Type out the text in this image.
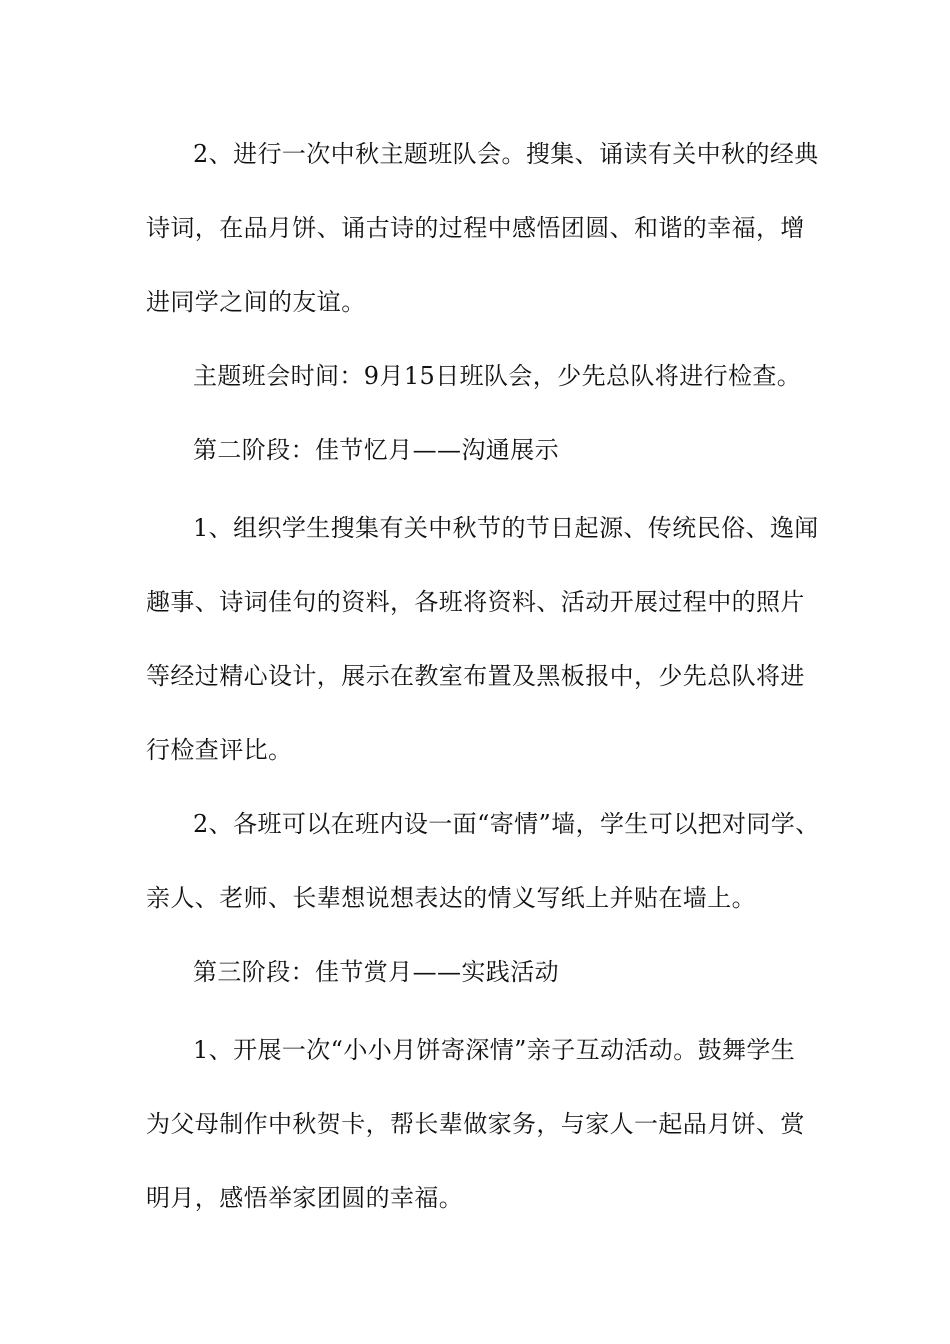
2、进行一次中秋主题班队会。搜集、诵读有关中秋的经典
诗词，在品月饼、诵古诗的过程中感悟团圆、和谐的幸福，增
进同学之间的友谊。
主题班会时间：9月15日班队会，少先总队将进行检查。
第二阶段：佳节忆月——沟通展示
1、组织学生搜集有关中秋节的节日起源、传统民俗、逸闻
趣事、诗词佳句的资料，各班将资料、活动开展过程中的照片
等经过精心设计，展示在教室布置及黑板报中，少先总队将进
行检查评比。
2、各班可以在班内设一面“寄情”墙，学生可以把对同学、
亲人、老师、长辈想说想表达的情义写纸上并贴在墙上。
第三阶段：佳节赏月——实践活动
1、开展一次“小小月饼寄深情”亲子互动活动。鼓舞学生
为父母制作中秋贺卡，帮长辈做家务，与家人一起品月饼、赏
明月，感悟举家团圆的幸福。
